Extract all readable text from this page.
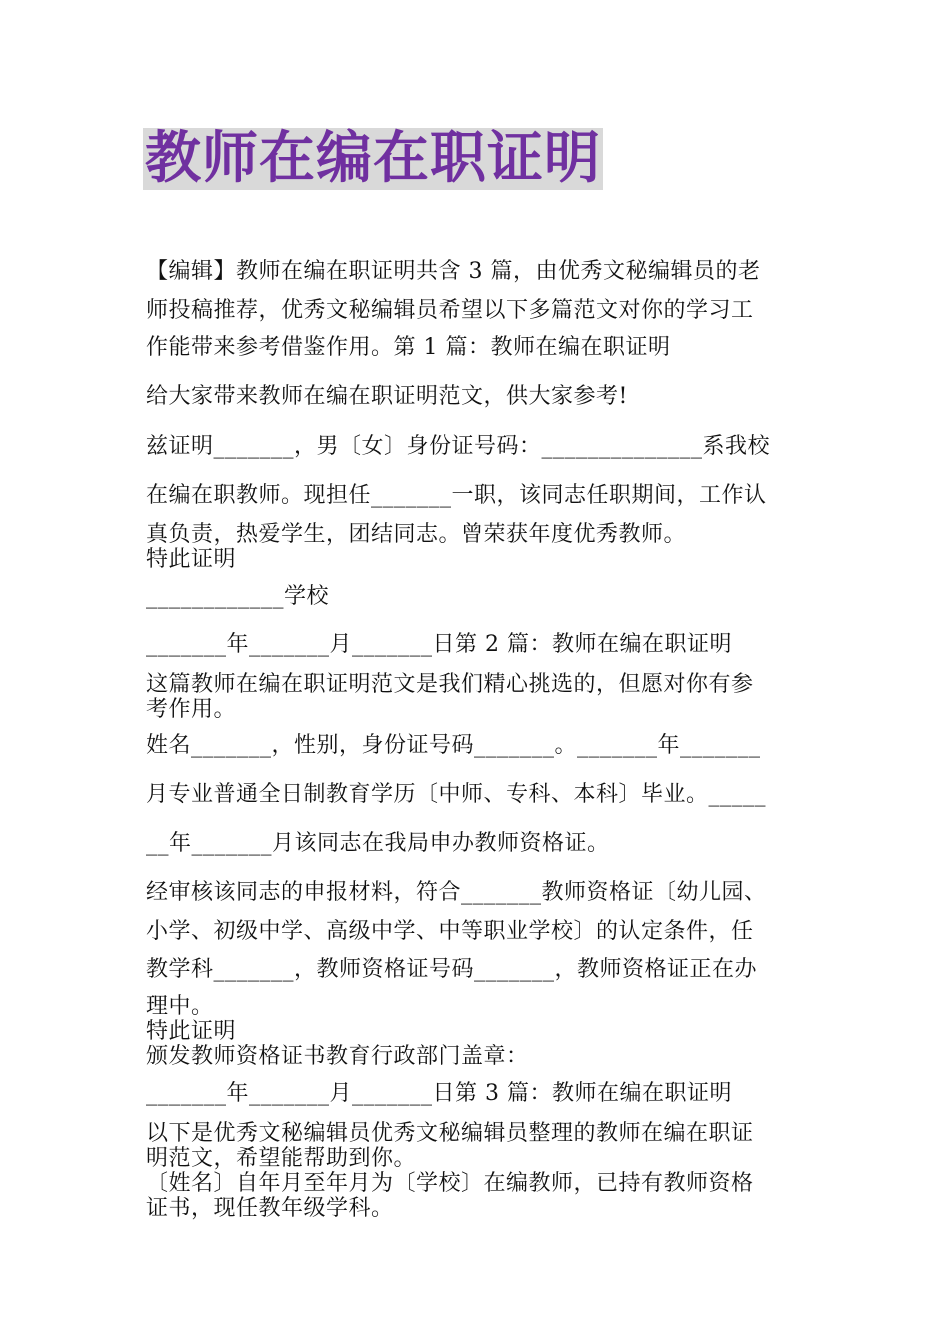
教师在编在职证明
【编辑】教师在编在职证明共含 3 篇，由优秀文秘编辑员的老
师投稿推荐，优秀文秘编辑员希望以下多篇范文对你的学习工
作能带来参考借鉴作用。第 1 篇：教师在编在职证明
给大家带来教师在编在职证明范文，供大家参考!
兹证明_______，男〔女〕身份证号码：______________系我校
在编在职教师。现担任_______一职，该同志任职期间，工作认
真负责，热爱学生，团结同志。曾荣获年度优秀教师。
特此证明
____________学校
_______年_______月_______日第 2 篇：教师在编在职证明
这篇教师在编在职证明范文是我们精心挑选的，但愿对你有参
考作用。
姓名_______，性别，身份证号码_______。_______年_______
月专业普通全日制教育学历〔中师、专科、本科〕毕业。_____
__年_______月该同志在我局申办教师资格证。
经审核该同志的申报材料，符合_______教师资格证〔幼儿园、
小学、初级中学、高级中学、中等职业学校〕的认定条件，任
教学科_______，教师资格证号码_______，教师资格证正在办
理中。
特此证明
颁发教师资格证书教育行政部门盖章：
_______年_______月_______日第 3 篇：教师在编在职证明
以下是优秀文秘编辑员优秀文秘编辑员整理的教师在编在职证
明范文，希望能帮助到你。
〔姓名〕自年月至年月为〔学校〕在编教师，已持有教师资格
证书，现任教年级学科。
